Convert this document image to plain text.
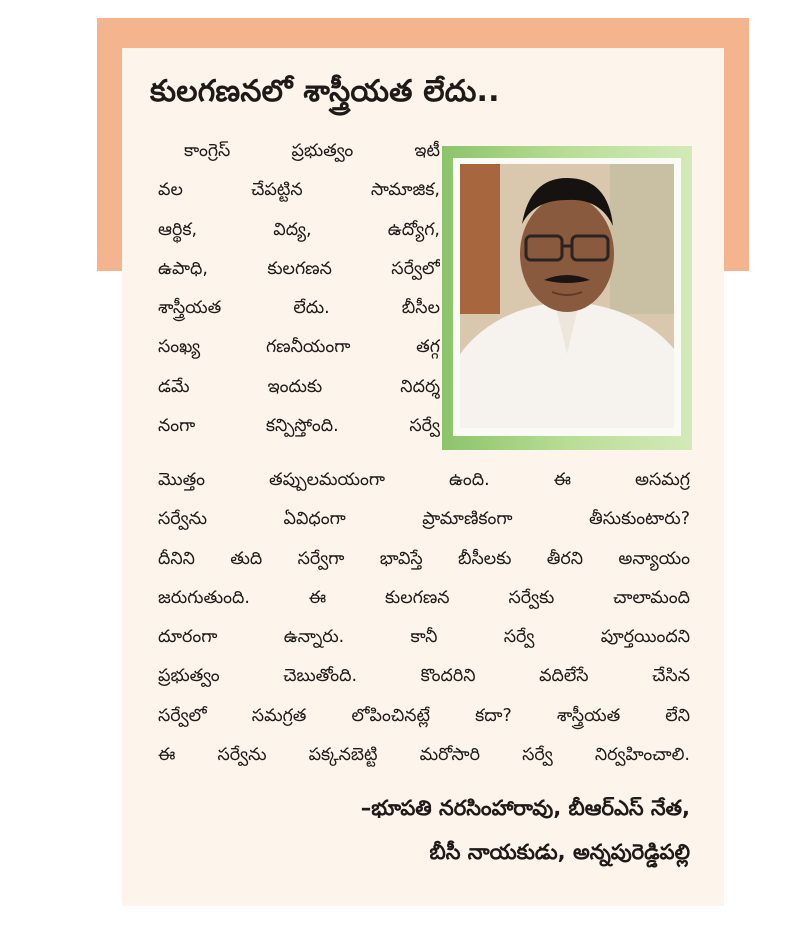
కులగణనలో శాస్త్రీయత లేదు..
కాంగ్రెస్ ప్రభుత్వం ఇటీ
వల చేపట్టిన సామాజిక,
ఆర్థిక, విద్య, ఉద్యోగ,
ఉపాధి, కులగణన సర్వేలో
శాస్త్రీయత లేదు. బీసీల
సంఖ్య గణనీయంగా తగ్గ
డమే ఇందుకు నిదర్శ
నంగా కన్పిస్తోంది. సర్వే
మొత్తం తప్పులమయంగా ఉంది. ఈ అసమగ్ర
సర్వేను ఏవిధంగా ప్రామాణికంగా తీసుకుంటారు?
దీనిని తుది సర్వేగా భావిస్తే బీసీలకు తీరని అన్యాయం
జరుగుతుంది. ఈ కులగణన సర్వేకు చాలామంది
దూరంగా ఉన్నారు. కానీ సర్వే పూర్తయిందని
ప్రభుత్వం చెబుతోంది. కొందరిని వదిలేసే చేసిన
సర్వేలో సమగ్రత లోపించినట్లే కదా? శాస్త్రీయత లేని
ఈ సర్వేను పక్కనబెట్టి మరోసారి సర్వే నిర్వహించాలి.

–భూపతి నరసింహారావు, బీఆర్ఎస్ నేత,

బీసీ నాయకుడు, అన్నపురెడ్డిపల్లి
